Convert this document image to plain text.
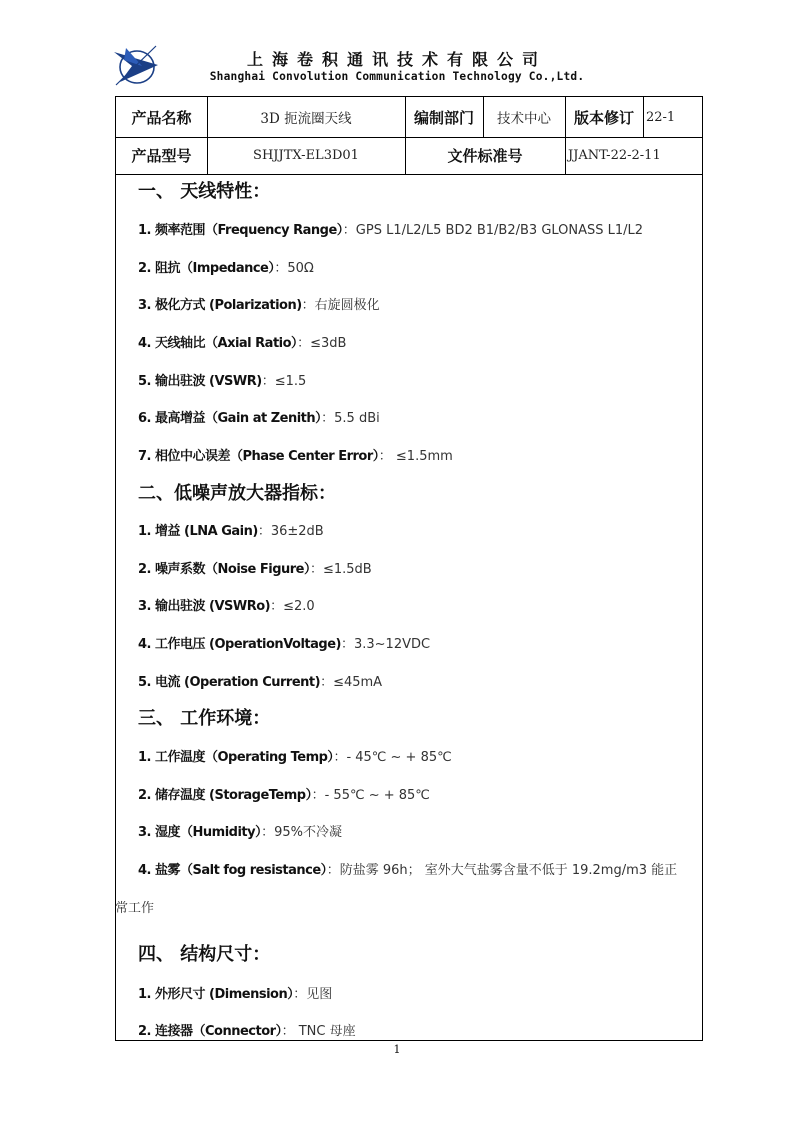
上海卷积通讯技术有限公司
Shanghai Convolution Communication Technology Co.,Ltd.
产品名称	3D 扼流圈天线	编制部门	技术中心	版本修订 22-1
产品型号	SHJJTX-EL3D01	文件标准号	JJANT-22-2-11
一、 天线特性：
1. 频率范围（Frequency Range）：GPS L1/L2/L5 BD2 B1/B2/B3 GLONASS L1/L2
2. 阻抗（Impedance）：50Ω
3. 极化方式 (Polarization)：右旋圆极化
4. 天线轴比（Axial Ratio）：≤3dB
5. 输出驻波 (VSWR)：≤1.5
6. 最高增益（Gain at Zenith）：5.5 dBi
7. 相位中心误差（Phase Center Error）： ≤1.5mm
二、低噪声放大器指标：
1. 增益 (LNA Gain)：36±2dB
2. 噪声系数（Noise Figure）：≤1.5dB
3. 输出驻波 (VSWRo)：≤2.0
4. 工作电压 (OperationVoltage)：3.3~12VDC
5. 电流 (Operation Current)：≤45mA
三、 工作环境：
1. 工作温度（Operating Temp）：- 45℃ ~ + 85℃
2. 储存温度 (StorageTemp）：- 55℃ ~ + 85℃
3. 湿度（Humidity）：95%不冷凝
4. 盐雾（Salt fog resistance）：防盐雾 96h； 室外大气盐雾含量不低于 19.2mg/m3 能正
常工作
四、 结构尺寸：
1. 外形尺寸 (Dimension）：见图
2. 连接器（Connector）： TNC 母座
1
